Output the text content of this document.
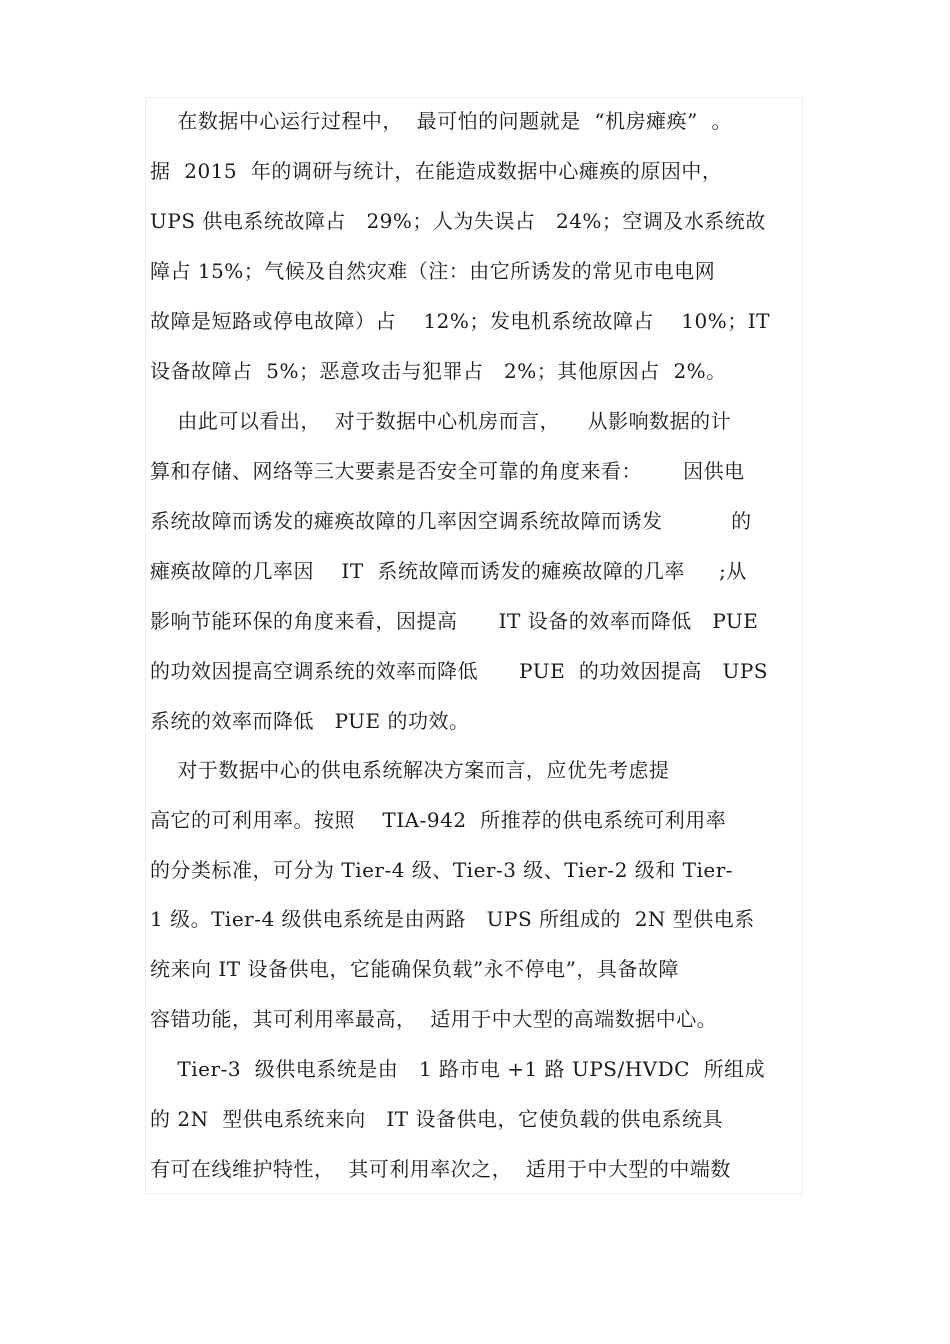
在数据中心运行过程中，  最可怕的问题就是  “机房瘫痪”  。
据  2015  年的调研与统计，在能造成数据中心瘫痪的原因中，
UPS 供电系统故障占   29%；人为失误占   24%；空调及水系统故
障占 15%；气候及自然灾难（注：由它所诱发的常见市电电网
故障是短路或停电故障）占    12%；发电机系统故障占    10%；IT
设备故障占  5%；恶意攻击与犯罪占   2%；其他原因占  2%。
由此可以看出，  对于数据中心机房而言，    从影响数据的计
算和存储、网络等三大要素是否安全可靠的角度来看：      因供电
系统故障而诱发的瘫痪故障的几率因空调系统故障而诱发          的
瘫痪故障的几率因    IT  系统故障而诱发的瘫痪故障的几率     ;从
影响节能环保的角度来看，因提高      IT 设备的效率而降低   PUE
的功效因提高空调系统的效率而降低      PUE  的功效因提高   UPS
系统的效率而降低   PUE 的功效。
对于数据中心的供电系统解决方案而言，应优先考虑提
高它的可利用率。按照    TIA-942  所推荐的供电系统可利用率
的分类标准，可分为 Tier-4 级、Tier-3 级、Tier-2 级和 Tier-
1 级。Tier-4 级供电系统是由两路   UPS 所组成的  2N 型供电系
统来向 IT 设备供电，它能确保负载”永不停电”，具备故障
容错功能，其可利用率最高，  适用于中大型的高端数据中心。
Tier-3  级供电系统是由   1 路市电 +1 路 UPS/HVDC  所组成
的 2N  型供电系统来向   IT 设备供电，它使负载的供电系统具
有可在线维护特性，  其可利用率次之，  适用于中大型的中端数
